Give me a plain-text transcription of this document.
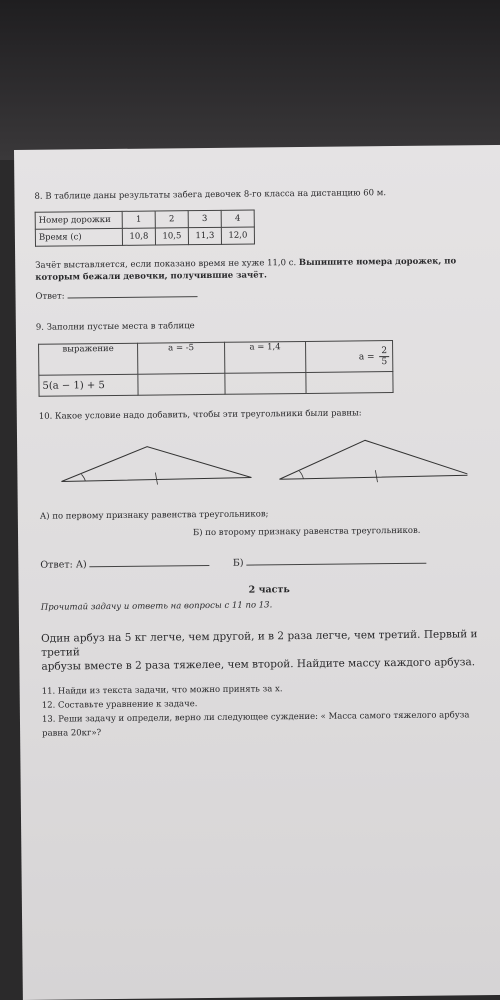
8. В таблице даны результаты забега девочек 8-го класса на дистанцию 60 м.
Номер дорожки	1	2	3	4
Время (с)	10,8	10,5	11,3	12,0
Зачёт выставляется, если показано время не хуже 11,0 с. Выпишите номера дорожек, по
которым бежали девочки, получившие зачёт.
Ответ:
9. Заполни пустые места в таблице
выражение	a = -5	a = 1,4	$a = \frac{2}{5}$

5(a − 1) + 5			
10. Какое условие надо добавить, чтобы эти треугольники были равны:
А) по первому признаку равенства треугольников;
Б) по второму признаку равенства треугольников.
Ответ: А)	Б)
2 часть
Прочитай задачу и ответь на вопросы с 11 по 13.
Один арбуз на 5 кг легче, чем другой, и в 2 раза легче, чем третий. Первый и третий
арбузы вместе в 2 раза тяжелее, чем второй. Найдите массу каждого арбуза.
11. Найди из текста задачи, что можно принять за x.
12. Составьте уравнение к задаче.
13. Реши задачу и определи, верно ли следующее суждение: « Масса самого тяжелого арбуза
равна 20кг»?
